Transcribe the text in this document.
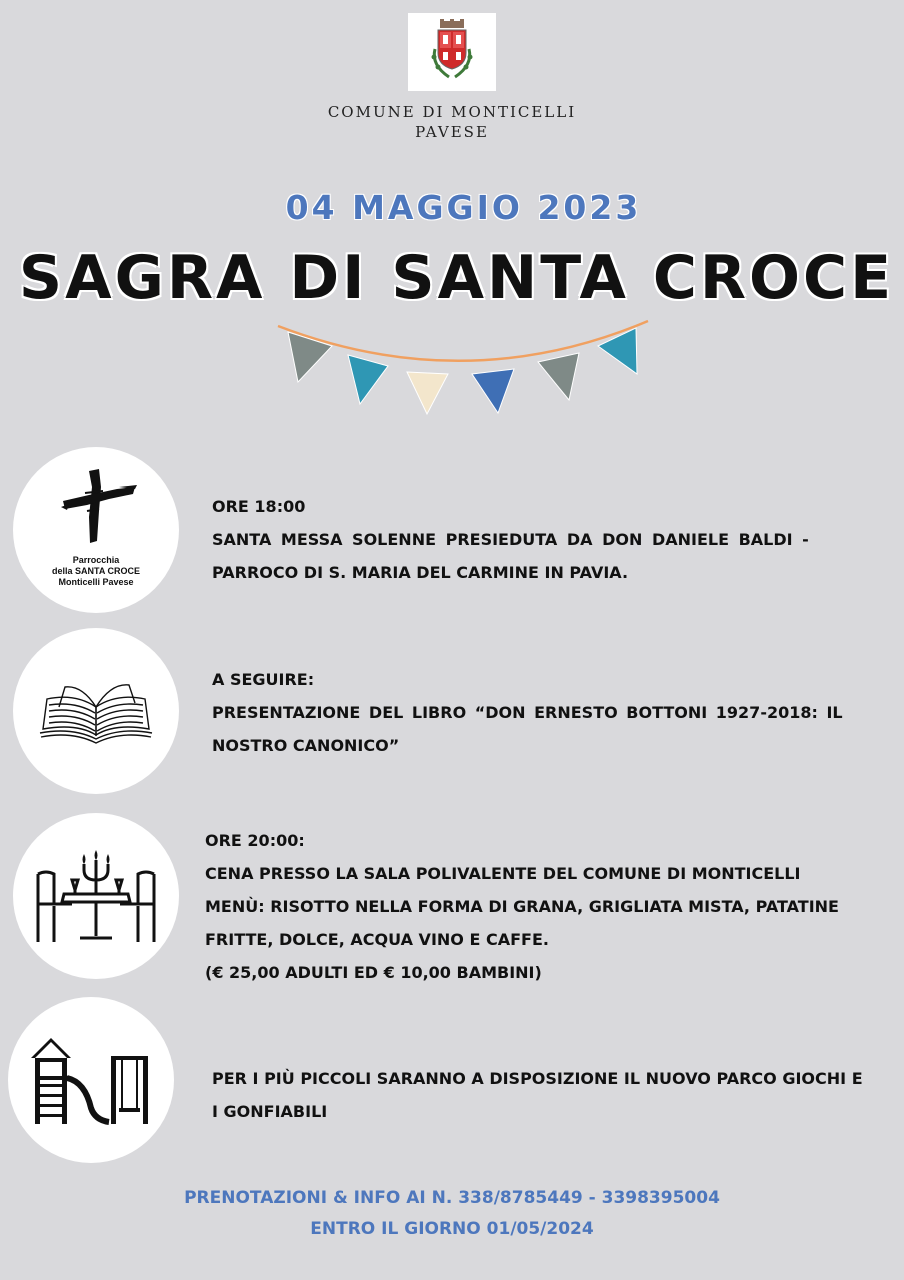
COMUNE DI MONTICELLI
PAVESE
04 MAGGIO 2023
SAGRA DI SANTA CROCE
Parrocchia
della SANTA CROCE
Monticelli Pavese
ORE 18:00
SANTA MESSA SOLENNE PRESIEDUTA DA DON DANIELE BALDI -
PARROCO DI S. MARIA DEL CARMINE IN PAVIA.
A SEGUIRE:
PRESENTAZIONE DEL LIBRO “DON ERNESTO BOTTONI 1927-2018: IL
NOSTRO CANONICO”
ORE 20:00:
CENA PRESSO LA SALA POLIVALENTE DEL COMUNE DI MONTICELLI
MENÙ: RISOTTO NELLA FORMA DI GRANA, GRIGLIATA MISTA, PATATINE
FRITTE, DOLCE, ACQUA VINO E CAFFE.
(€ 25,00 ADULTI ED € 10,00 BAMBINI)
PER I PIÙ PICCOLI SARANNO A DISPOSIZIONE IL NUOVO PARCO GIOCHI E
I GONFIABILI
PRENOTAZIONI & INFO AI N. 338/8785449 - 3398395004
ENTRO IL GIORNO 01/05/2024
